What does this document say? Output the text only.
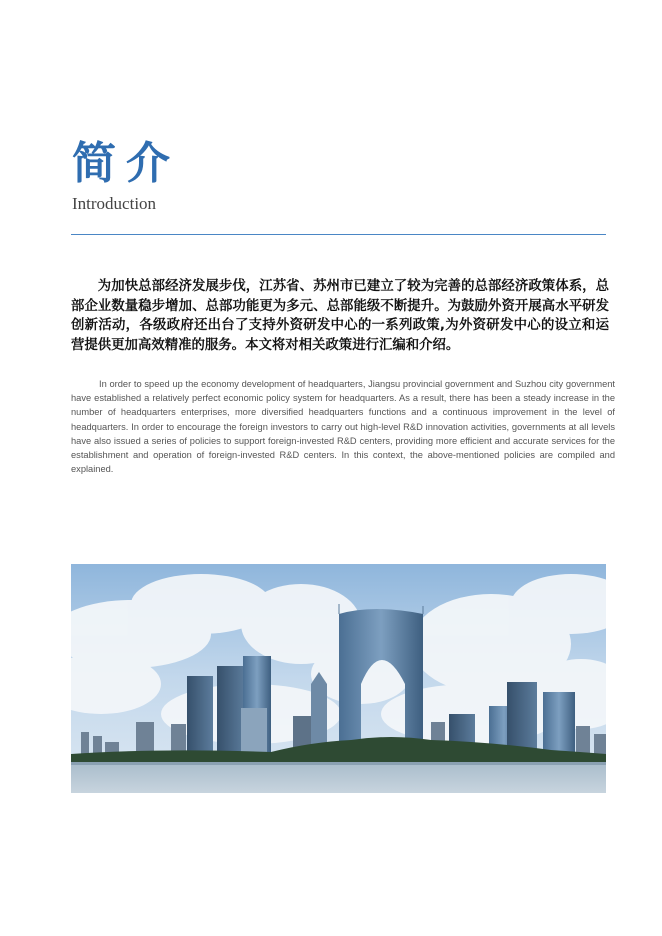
简介
Introduction

为加快总部经济发展步伐，江苏省、苏州市已建立了较为完善的总部经济政策体系，总部企业数量稳步增加、总部功能更为多元、总部能级不断提升。为鼓励外资开展高水平研发创新活动，各级政府还出台了支持外资研发中心的一系列政策,为外资研发中心的设立和运营提供更加高效精准的服务。本文将对相关政策进行汇编和介绍。

In order to speed up the economy development of headquarters, Jiangsu provincial government and Suzhou city government have established a relatively perfect economic policy system for headquarters. As a result, there has been a steady increase in the number of headquarters enterprises, more diversified headquarters functions and a continuous improvement in the level of headquarters. In order to encourage the foreign investors to carry out high-level R&D innovation activities, governments at all levels have also issued a series of policies to support foreign-invested R&D centers, providing more efficient and accurate services for the establishment and operation of foreign-invested R&D centers. In this context, the above-mentioned policies are compiled and explained.
